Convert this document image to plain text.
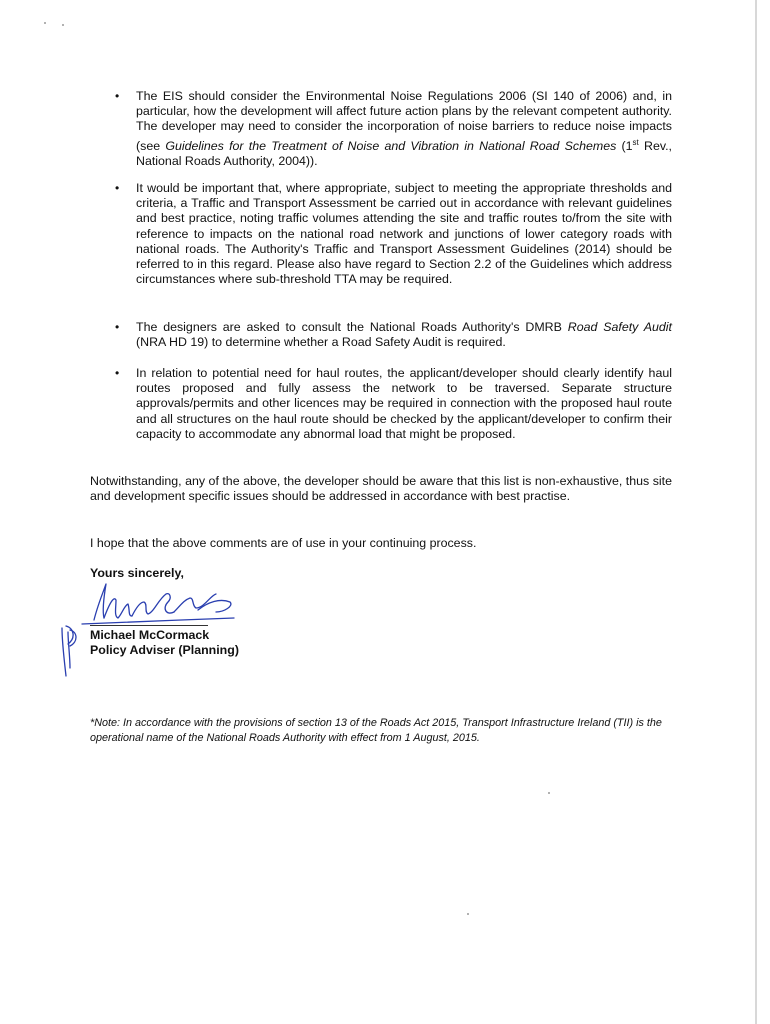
• The EIS should consider the Environmental Noise Regulations 2006 (SI 140 of 2006) and, in particular, how the development will affect future action plans by the relevant competent authority. The developer may need to consider the incorporation of noise barriers to reduce noise impacts (see Guidelines for the Treatment of Noise and Vibration in National Road Schemes (1st Rev., National Roads Authority, 2004)).
• It would be important that, where appropriate, subject to meeting the appropriate thresholds and criteria, a Traffic and Transport Assessment be carried out in accordance with relevant guidelines and best practice, noting traffic volumes attending the site and traffic routes to/from the site with reference to impacts on the national road network and junctions of lower category roads with national roads. The Authority's Traffic and Transport Assessment Guidelines (2014) should be referred to in this regard. Please also have regard to Section 2.2 of the Guidelines which address circumstances where sub-threshold TTA may be required.
• The designers are asked to consult the National Roads Authority's DMRB Road Safety Audit (NRA HD 19) to determine whether a Road Safety Audit is required.
• In relation to potential need for haul routes, the applicant/developer should clearly identify haul routes proposed and fully assess the network to be traversed. Separate structure approvals/permits and other licences may be required in connection with the proposed haul route and all structures on the haul route should be checked by the applicant/developer to confirm their capacity to accommodate any abnormal load that might be proposed.
Notwithstanding, any of the above, the developer should be aware that this list is non-exhaustive, thus site and development specific issues should be addressed in accordance with best practise.
I hope that the above comments are of use in your continuing process.
Yours sincerely,
Michael McCormack
Policy Adviser (Planning)
*Note: In accordance with the provisions of section 13 of the Roads Act 2015, Transport Infrastructure Ireland (TII) is the operational name of the National Roads Authority with effect from 1 August, 2015.
